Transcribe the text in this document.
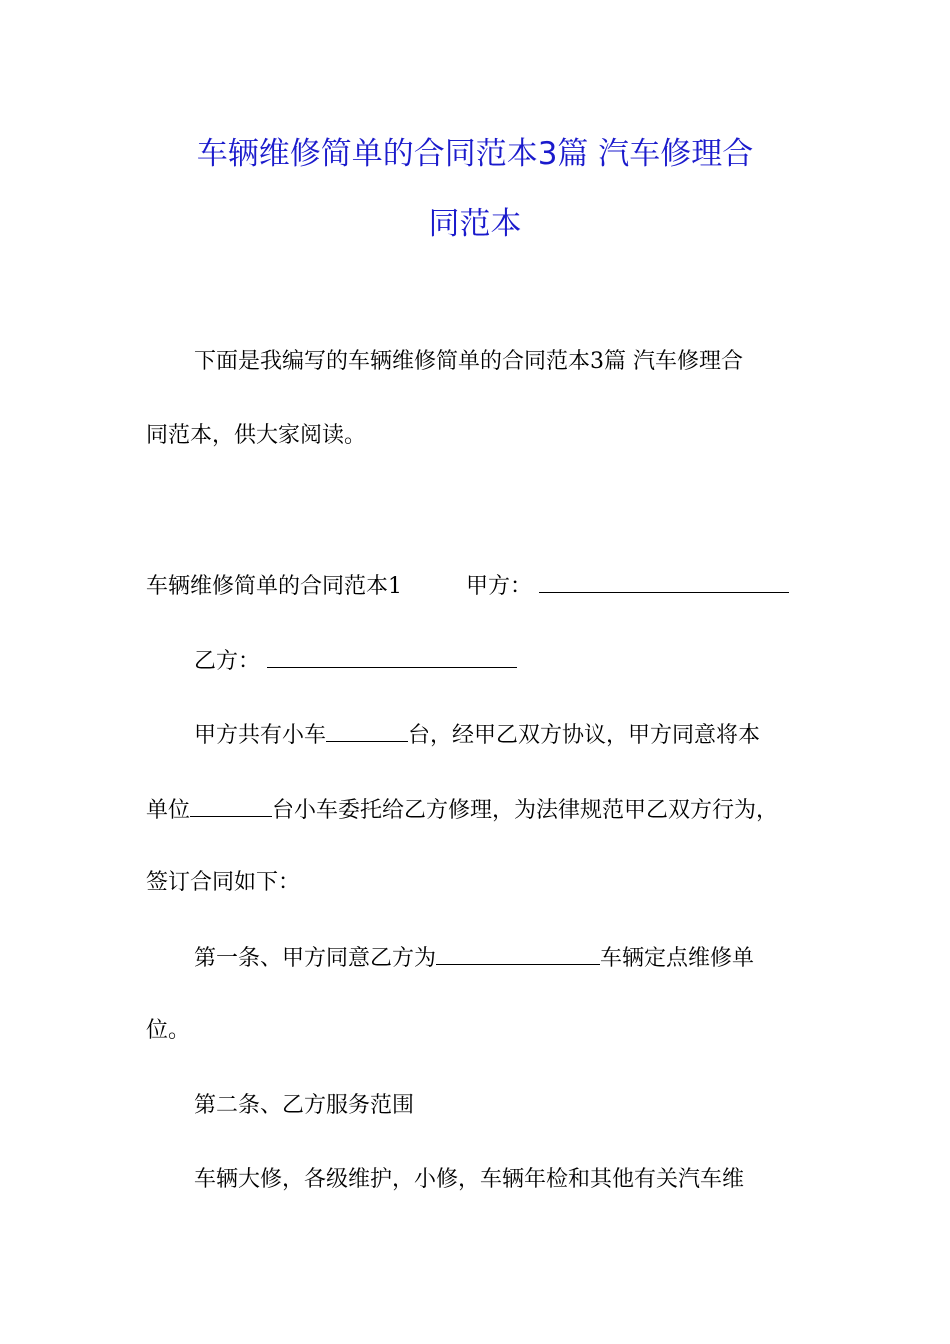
车辆维修简单的合同范本3篇 汽车修理合
同范本
下面是我编写的车辆维修简单的合同范本3篇 汽车修理合
同范本，供大家阅读。
车辆维修简单的合同范本1	甲方：
乙方：
甲方共有小车	台，经甲乙双方协议，甲方同意将本
单位	台小车委托给乙方修理，为法律规范甲乙双方行为，
签订合同如下：
第一条、甲方同意乙方为	车辆定点维修单
位。
第二条、乙方服务范围
车辆大修，各级维护，小修，车辆年检和其他有关汽车维
